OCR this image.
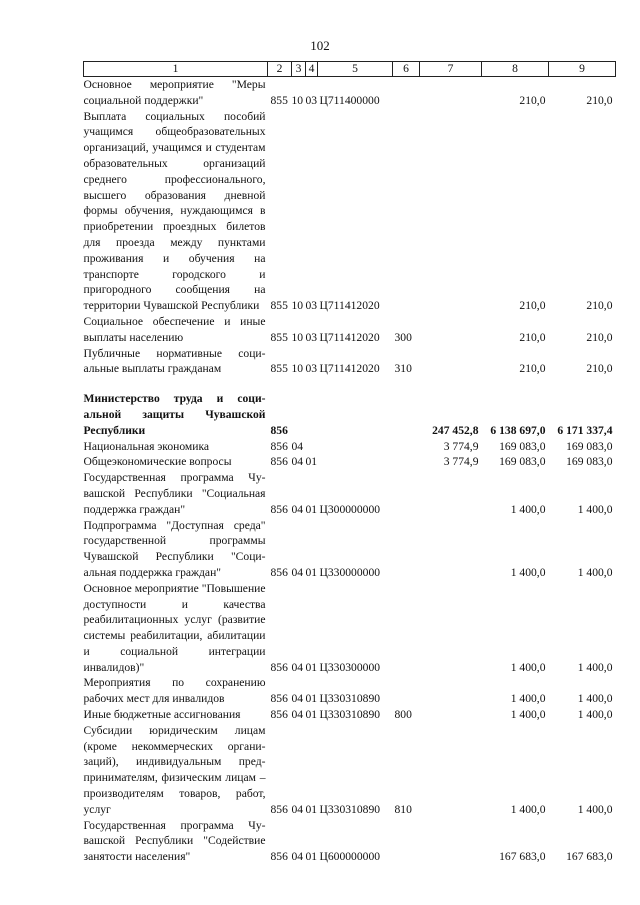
102
1	2	3	4	5	6	7	8	9
Основное мероприятие "Меры социальной поддержки"	855	10	03	Ц711400000			210,0	210,0
Выплата социальных пособий учащимся общеобразовательных организаций, учащимся и студентам образовательных организаций среднего профессионального, высшего образования дневной формы обучения, нуждающимся в приобретении проездных билетов для проезда между пунктами проживания и обучения на транспорте городского и пригородного сообщения на территории Чувашской Республики	855	10	03	Ц711412020			210,0	210,0
Социальное обеспечение и иные выплаты населению	855	10	03	Ц711412020	300		210,0	210,0
Публичные нормативные социальные выплаты гражданам	855	10	03	Ц711412020	310		210,0	210,0

Министерство труда и социальной защиты Чувашской Республики	856					247 452,8	6 138 697,0	6 171 337,4
Национальная экономика	856	04				3 774,9	169 083,0	169 083,0
Общеэкономические вопросы	856	04	01			3 774,9	169 083,0	169 083,0
Государственная программа Чувашской Республики "Социальная поддержка граждан"	856	04	01	Ц300000000			1 400,0	1 400,0
Подпрограмма "Доступная среда" государственной программы Чувашской Республики "Социальная поддержка граждан"	856	04	01	Ц330000000			1 400,0	1 400,0
Основное мероприятие "Повышение доступности и качества реабилитационных услуг (развитие системы реабилитации, абилитации и социальной интеграции инвалидов)"	856	04	01	Ц330300000			1 400,0	1 400,0
Мероприятия по сохранению рабочих мест для инвалидов	856	04	01	Ц330310890			1 400,0	1 400,0
Иные бюджетные ассигнования	856	04	01	Ц330310890	800		1 400,0	1 400,0
Субсидии юридическим лицам (кроме некоммерческих организаций), индивидуальным предпринимателям, физическим лицам – производителям товаров, работ, услуг	856	04	01	Ц330310890	810		1 400,0	1 400,0
Государственная программа Чувашской Республики "Содействие занятости населения"	856	04	01	Ц600000000			167 683,0	167 683,0
